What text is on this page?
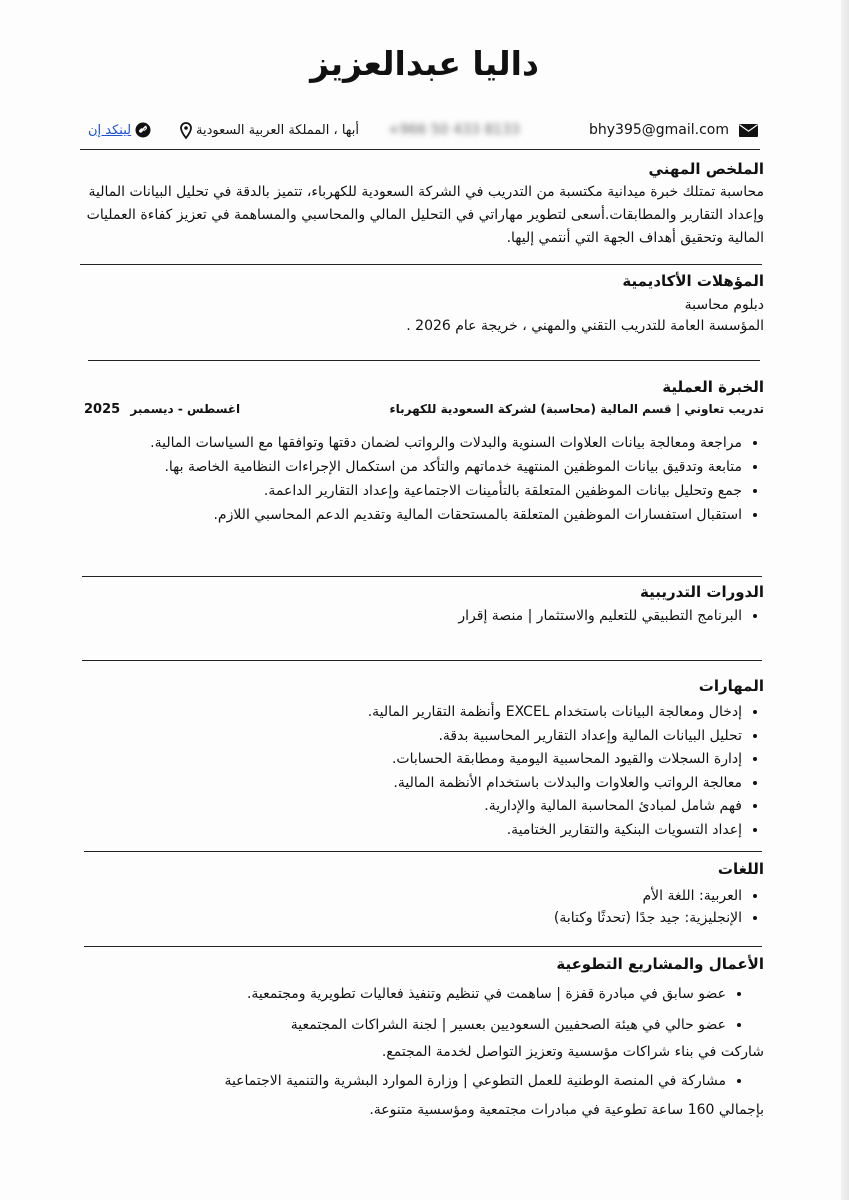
داليا عبدالعزيز
لينكد إن	أبها ، المملكة العربية السعودية +966 50 433 8133	bhy395@gmail.com
الملخص المهني

محاسبة تمتلك خبرة ميدانية مكتسبة من التدريب في الشركة السعودية للكهرباء، تتميز بالدقة في تحليل البيانات المالية وإعداد التقارير والمطابقات.أسعى لتطوير مهاراتي في التحليل المالي والمحاسبي والمساهمة في تعزيز كفاءة العمليات المالية وتحقيق أهداف الجهة التي أنتمي إليها.

المؤهلات الأكاديمية

دبلوم محاسبة

المؤسسة العامة للتدريب التقني والمهني ، خريجة عام 2026 .

الخبرة العملية
تدريب تعاوني | قسم المالية (محاسبة) لشركة السعودية للكهرباء
اغسطس - ديسمبر 2025
• مراجعة ومعالجة بيانات العلاوات السنوية والبدلات والرواتب لضمان دقتها وتوافقها مع السياسات المالية.
• متابعة وتدقيق بيانات الموظفين المنتهية خدماتهم والتأكد من استكمال الإجراءات النظامية الخاصة بها.
• جمع وتحليل بيانات الموظفين المتعلقة بالتأمينات الاجتماعية وإعداد التقارير الداعمة.
• استقبال استفسارات الموظفين المتعلقة بالمستحقات المالية وتقديم الدعم المحاسبي اللازم.
الدورات التدريبية
• البرنامج التطبيقي للتعليم والاستثمار | منصة إقرار
المهارات
• إدخال ومعالجة البيانات باستخدام EXCEL وأنظمة التقارير المالية.
• تحليل البيانات المالية وإعداد التقارير المحاسبية بدقة.
• إدارة السجلات والقيود المحاسبية اليومية ومطابقة الحسابات.
• معالجة الرواتب والعلاوات والبدلات باستخدام الأنظمة المالية.
• فهم شامل لمبادئ المحاسبة المالية والإدارية.
• إعداد التسويات البنكية والتقارير الختامية.
اللغات
• العربية: اللغة الأم
• الإنجليزية: جيد جدًا (تحدثًا وكتابة)
الأعمال والمشاريع التطوعية
• عضو سابق في مبادرة قفزة | ساهمت في تنظيم وتنفيذ فعاليات تطويرية ومجتمعية.
• عضو حالي في هيئة الصحفيين السعوديين بعسير | لجنة الشراكات المجتمعية

شاركت في بناء شراكات مؤسسية وتعزيز التواصل لخدمة المجتمع.

• مشاركة في المنصة الوطنية للعمل التطوعي | وزارة الموارد البشرية والتنمية الاجتماعية

بإجمالي 160 ساعة تطوعية في مبادرات مجتمعية ومؤسسية متنوعة.
